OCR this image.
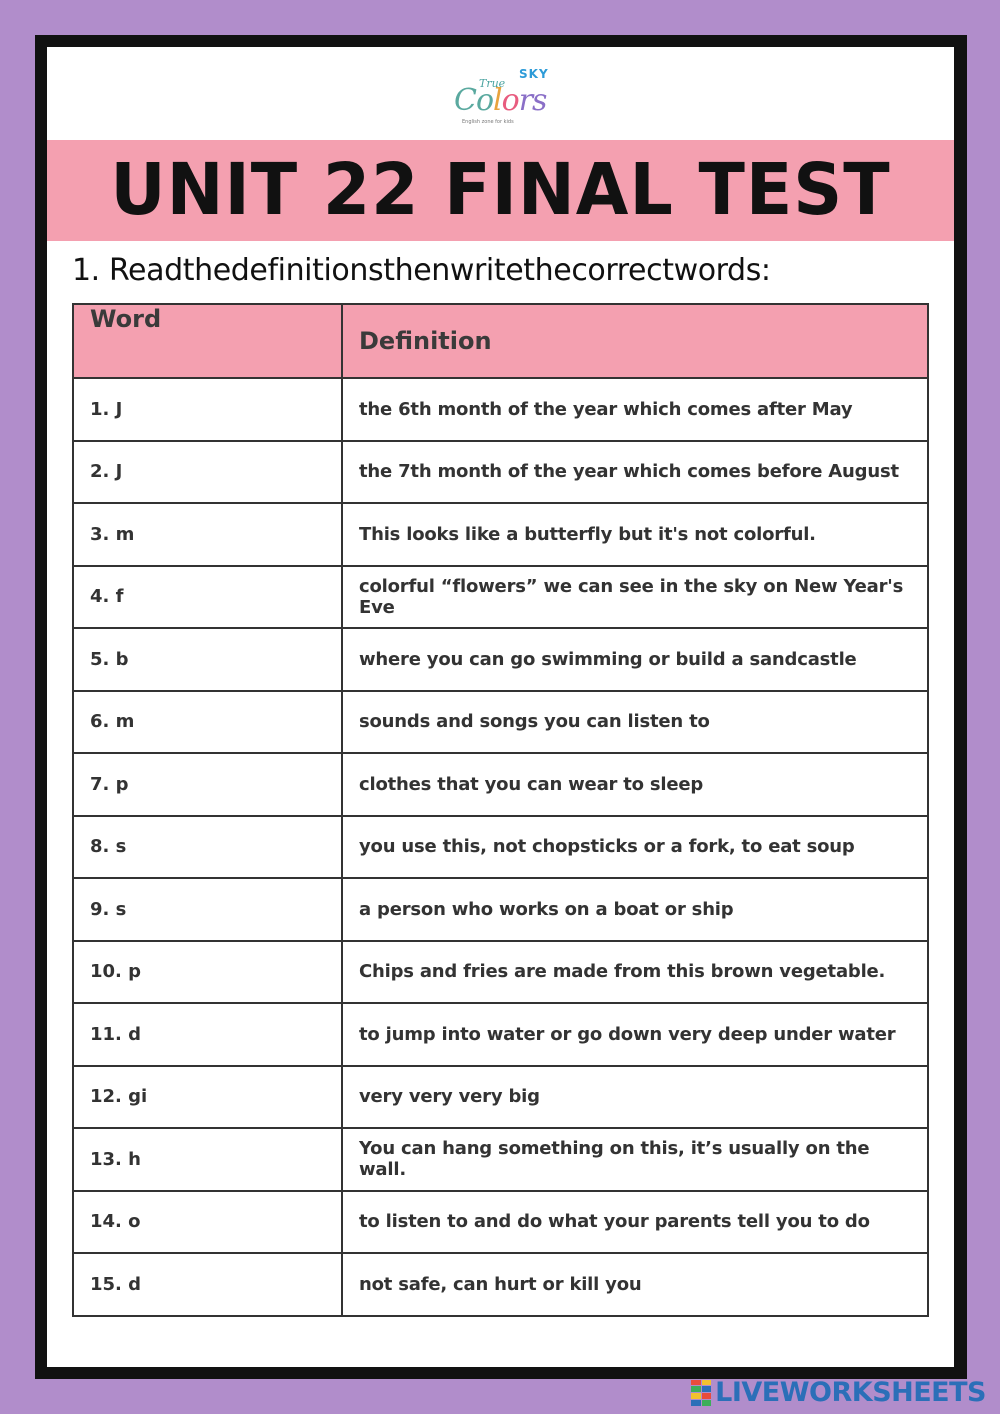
True
SKY
Colors
English zone for kids
UNIT 22 FINAL TEST
1. Readthedefinitionsthenwritethecorrectwords:
Word	Definition
1. J	the 6th month of the year which comes after May
2. J	the 7th month of the year which comes before August
3. m	This looks like a butterfly but it's not colorful.
4. f	colorful “flowers” we can see in the sky on New Year's Eve
5. b	where you can go swimming or build a sandcastle
6. m	sounds and songs you can listen to
7. p	clothes that you can wear to sleep
8. s	you use this, not chopsticks or a fork, to eat soup
9. s	a person who works on a boat or ship
10. p	Chips and fries are made from this brown vegetable.
11. d	to jump into water or go down very deep under water
12. gi	very very very big
13. h	You can hang something on this, it’s usually on the wall.
14. o	to listen to and do what your parents tell you to do
15. d	not safe, can hurt or kill you
LIVEWORKSHEETS
